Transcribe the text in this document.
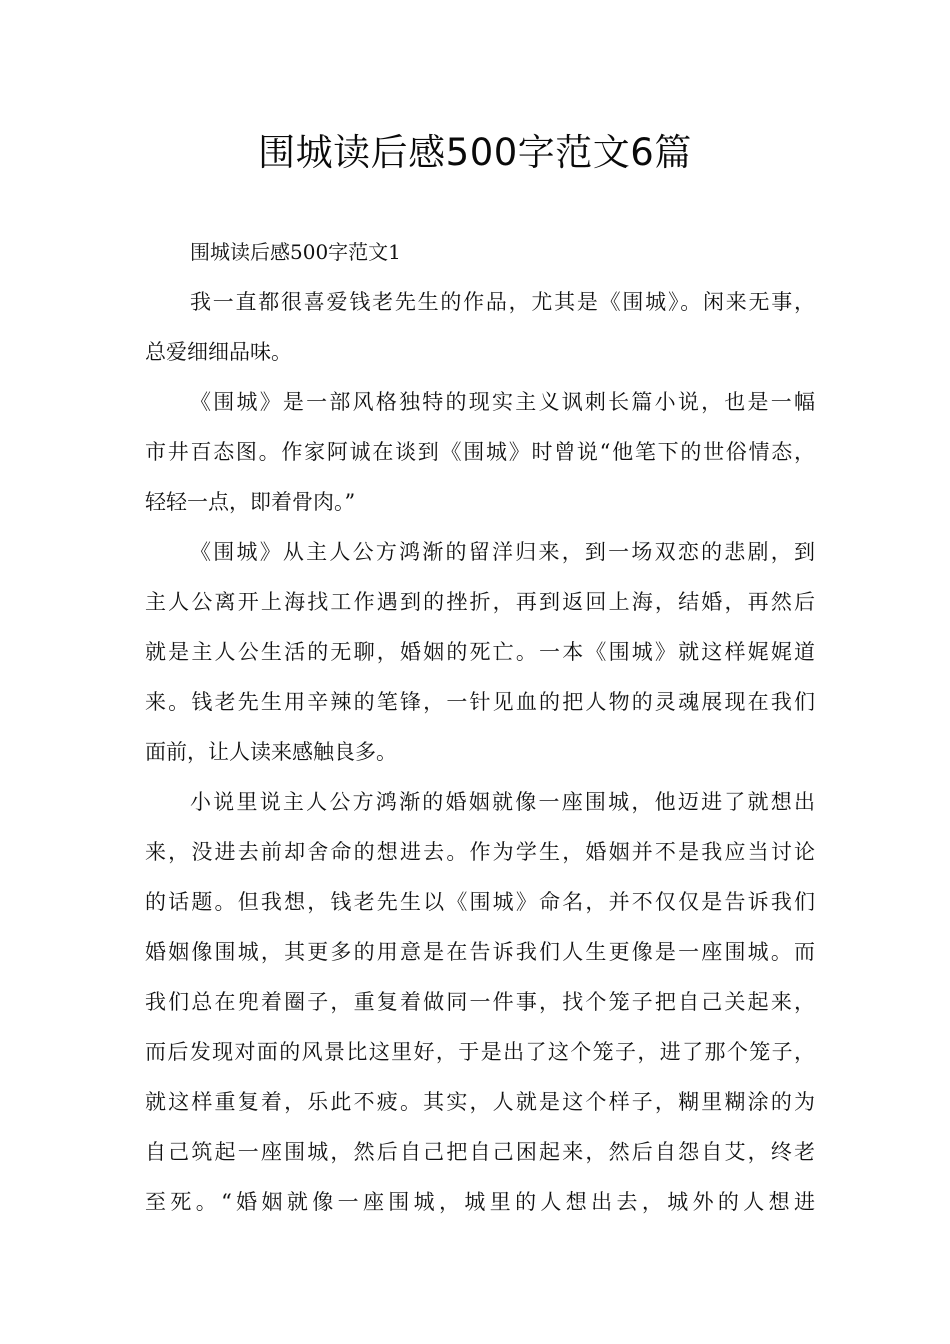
围城读后感500字范文6篇
围城读后感500字范文1
我一直都很喜爱钱老先生的作品，尤其是《围城》。闲来无事，
总爱细细品味。
《围城》是一部风格独特的现实主义讽刺长篇小说，也是一幅
市井百态图。作家阿诚在谈到《围城》时曾说“他笔下的世俗情态，
轻轻一点，即着骨肉。”
《围城》从主人公方鸿渐的留洋归来，到一场双恋的悲剧，到
主人公离开上海找工作遇到的挫折，再到返回上海，结婚，再然后
就是主人公生活的无聊，婚姻的死亡。一本《围城》就这样娓娓道
来。钱老先生用辛辣的笔锋，一针见血的把人物的灵魂展现在我们
面前，让人读来感触良多。
小说里说主人公方鸿渐的婚姻就像一座围城，他迈进了就想出
来，没进去前却舍命的想进去。作为学生，婚姻并不是我应当讨论
的话题。但我想，钱老先生以《围城》命名，并不仅仅是告诉我们
婚姻像围城，其更多的用意是在告诉我们人生更像是一座围城。而
我们总在兜着圈子，重复着做同一件事，找个笼子把自己关起来，
而后发现对面的风景比这里好，于是出了这个笼子，进了那个笼子，
就这样重复着，乐此不疲。其实，人就是这个样子，糊里糊涂的为
自己筑起一座围城，然后自己把自己困起来，然后自怨自艾，终老
至死。“婚姻就像一座围城，城里的人想出去，城外的人想进
